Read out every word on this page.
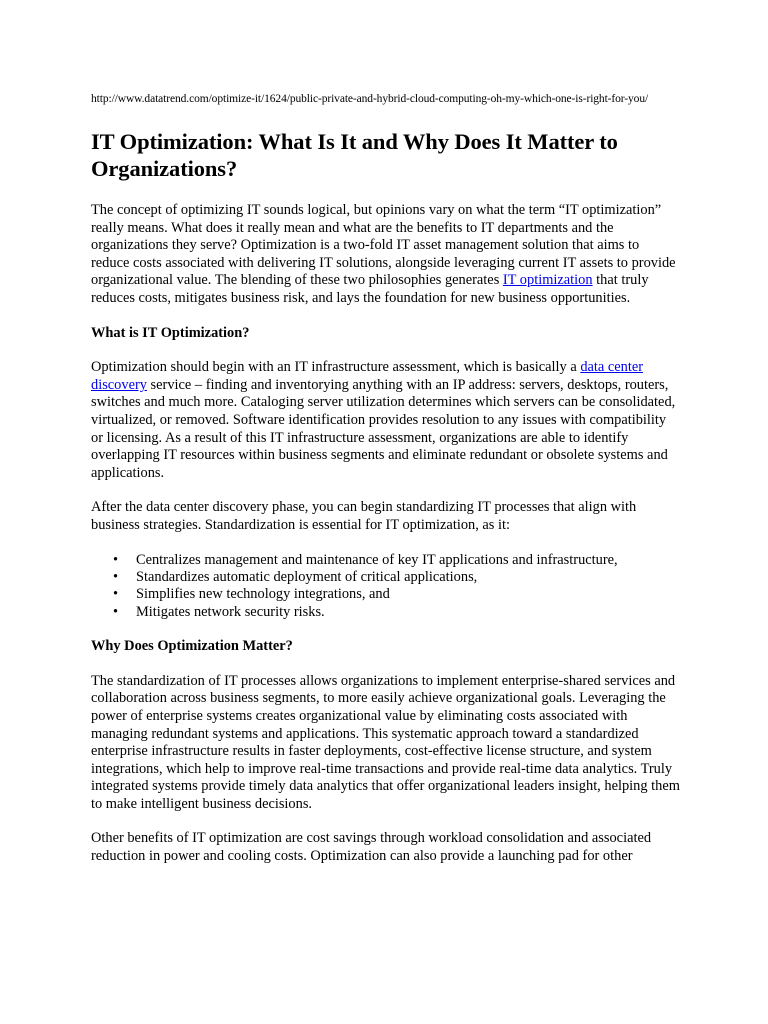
http://www.datatrend.com/optimize-it/1624/public-private-and-hybrid-cloud-computing-oh-my-which-one-is-right-for-you/
IT Optimization: What Is It and Why Does It Matter to Organizations?

The concept of optimizing IT sounds logical, but opinions vary on what the term “IT optimization” really means. What does it really mean and what are the benefits to IT departments and the organizations they serve? Optimization is a two-fold IT asset management solution that aims to reduce costs associated with delivering IT solutions, alongside leveraging current IT assets to provide organizational value. The blending of these two philosophies generates IT optimization that truly reduces costs, mitigates business risk, and lays the foundation for new business opportunities.

What is IT Optimization?

Optimization should begin with an IT infrastructure assessment, which is basically a data center discovery service – finding and inventorying anything with an IP address: servers, desktops, routers, switches and much more. Cataloging server utilization determines which servers can be consolidated, virtualized, or removed. Software identification provides resolution to any issues with compatibility or licensing. As a result of this IT infrastructure assessment, organizations are able to identify overlapping IT resources within business segments and eliminate redundant or obsolete systems and applications.

After the data center discovery phase, you can begin standardizing IT processes that align with business strategies. Standardization is essential for IT optimization, as it:

• Centralizes management and maintenance of key IT applications and infrastructure,
• Standardizes automatic deployment of critical applications,
• Simplifies new technology integrations, and
• Mitigates network security risks.
Why Does Optimization Matter?

The standardization of IT processes allows organizations to implement enterprise-shared services and collaboration across business segments, to more easily achieve organizational goals. Leveraging the power of enterprise systems creates organizational value by eliminating costs associated with managing redundant systems and applications. This systematic approach toward a standardized enterprise infrastructure results in faster deployments, cost-effective license structure, and system integrations, which help to improve real-time transactions and provide real-time data analytics. Truly integrated systems provide timely data analytics that offer organizational leaders insight, helping them to make intelligent business decisions.

Other benefits of IT optimization are cost savings through workload consolidation and associated reduction in power and cooling costs. Optimization can also provide a launching pad for other
